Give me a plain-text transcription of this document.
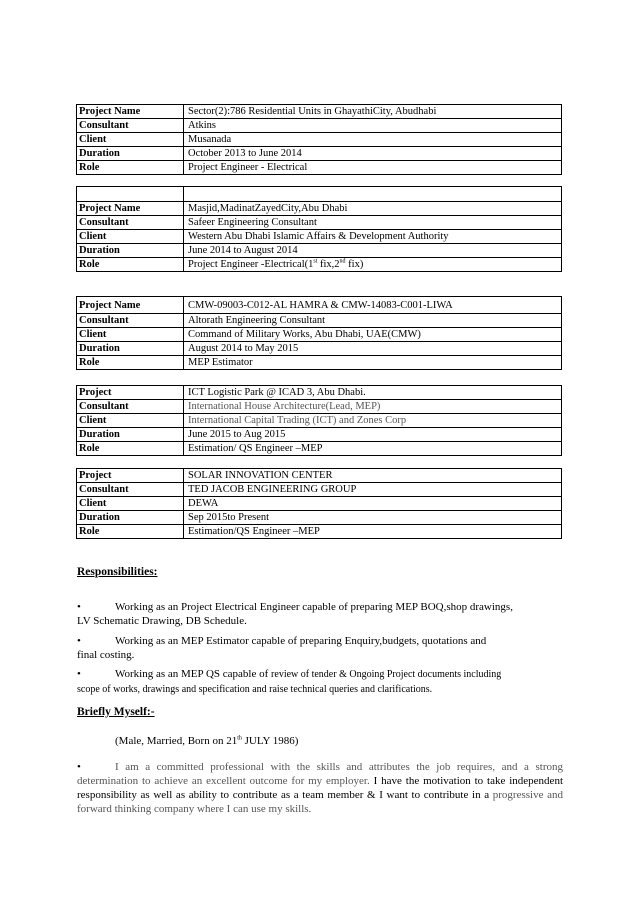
Project Name	Sector(2):786 Residential Units in GhayathiCity, Abudhabi
Consultant	Atkins
Client	Musanada
Duration	October 2013 to June 2014
Role	Project Engineer - Electrical

Project Name	Masjid,MadinatZayedCity,Abu Dhabi
Consultant	Safeer Engineering Consultant
Client	Western Abu Dhabi Islamic Affairs & Development Authority
Duration	June 2014 to August 2014
Role	Project Engineer -Electrical(1st fix,2nd fix)
Project Name	CMW-09003-C012-AL HAMRA & CMW-14083-C001-LIWA
Consultant	Altorath Engineering Consultant
Client	Command of Military Works, Abu Dhabi, UAE(CMW)
Duration	August 2014 to May 2015
Role	MEP Estimator
Project	ICT Logistic Park @ ICAD 3, Abu Dhabi.
Consultant	International House Architecture(Lead, MEP)
Client	International Capital Trading (ICT) and Zones Corp
Duration	June 2015 to Aug 2015
Role	Estimation/ QS Engineer –MEP
Project	SOLAR INNOVATION CENTER
Consultant	TED JACOB ENGINEERING GROUP
Client	DEWA
Duration	Sep 2015to Present
Role	Estimation/QS Engineer –MEP
Responsibilities:
•	Working as an Project Electrical Engineer capable of preparing MEP BOQ,shop drawings,
LV Schematic Drawing, DB Schedule.
•	Working as an MEP Estimator capable of preparing Enquiry,budgets, quotations and
final costing.
•	Working as an MEP QS capable of review of tender & Ongoing Project documents including
scope of works, drawings and specification and raise technical queries and clarifications.
Briefly Myself:-
(Male, Married, Born on 21th JULY 1986)
•	I am a committed professional with the skills and attributes the job requires, and a strong determination to achieve an excellent outcome for my employer. I have the motivation to take independent responsibility as well as ability to contribute as a team member & I want to contribute in a progressive and forward thinking company where I can use my skills.
